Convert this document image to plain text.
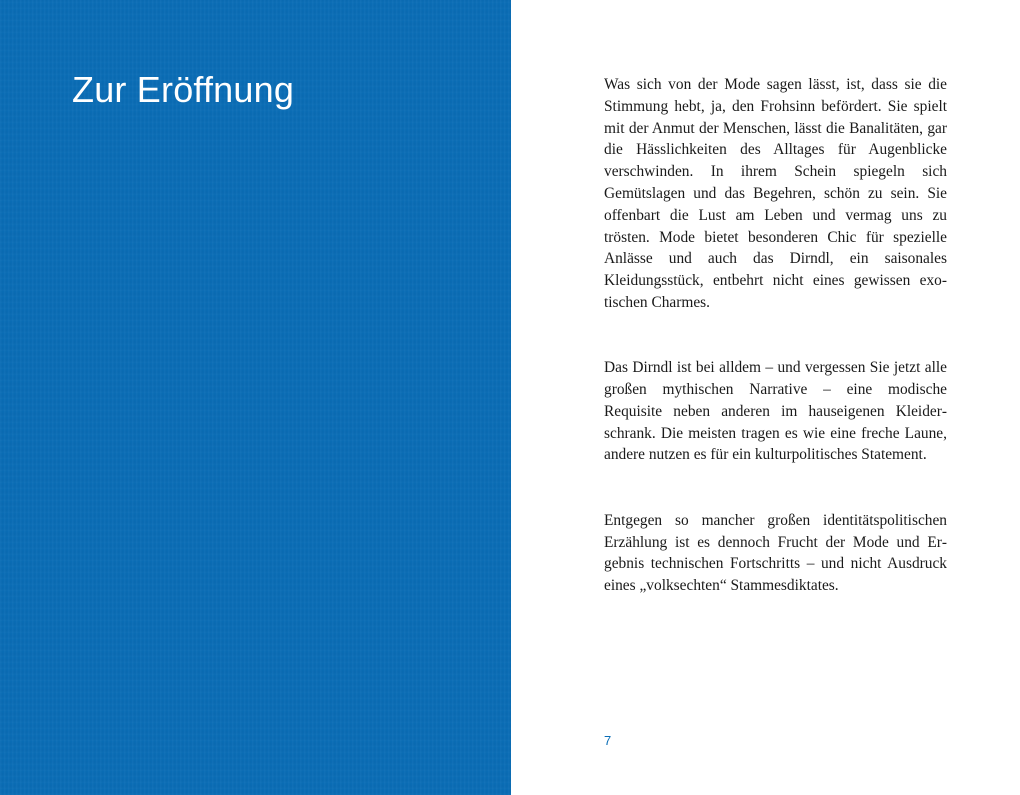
Zur Eröffnung	Was sich von der Mode sagen lässt, ist, dass sie die Stimmung hebt, ja, den Frohsinn befördert. Sie spielt mit der Anmut der Menschen, lässt die Banalitäten, gar die Hässlichkeiten des Alltages für Augenblicke verschwinden. In ihrem Schein spiegeln sich Gemütslagen und das Begehren, schön zu sein. Sie offenbart die Lust am Leben und vermag uns zu trösten. Mode bietet besonderen Chic für spezielle Anlässe und auch das Dirndl, ein saisonales Kleidungsstück, entbehrt nicht eines gewissen exotischen Charmes.

Das Dirndl ist bei alldem – und vergessen Sie jetzt alle großen mythischen Narrative – eine modische Requisite neben anderen im hauseigenen Kleiderschrank. Die meisten tragen es wie eine freche Laune, andere nutzen es für ein kulturpolitisches Statement.

Entgegen so mancher großen identitätspolitischen Erzählung ist es dennoch Frucht der Mode und Ergebnis technischen Fortschritts – und nicht Ausdruck eines „volksechten“ Stammesdiktates.

7
